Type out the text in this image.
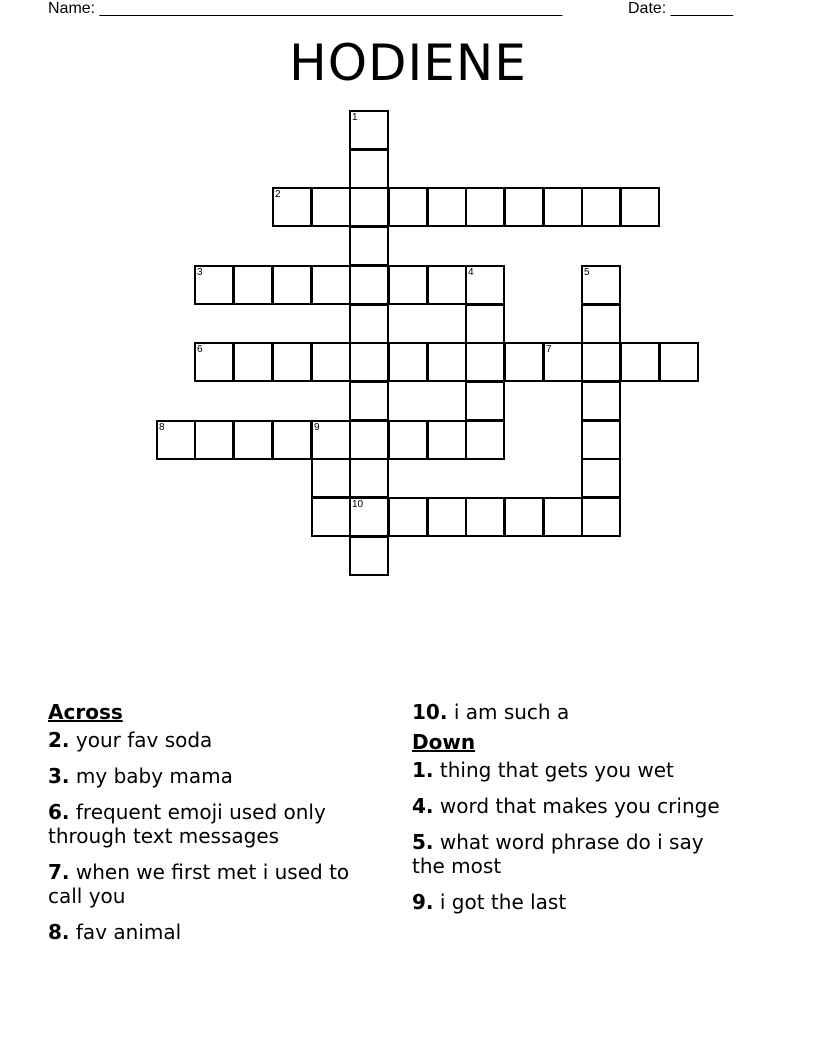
Name: ____________________________________________________	Date: _______
HODIENE
1
10
2
3	4	5
6	7
8	9
Across
2. your fav soda
3. my baby mama
6. frequent emoji used only through text messages
7. when we first met i used to call you
8. fav animal
10. i am such a
Down
1. thing that gets you wet
4. word that makes you cringe
5. what word phrase do i say the most
9. i got the last
